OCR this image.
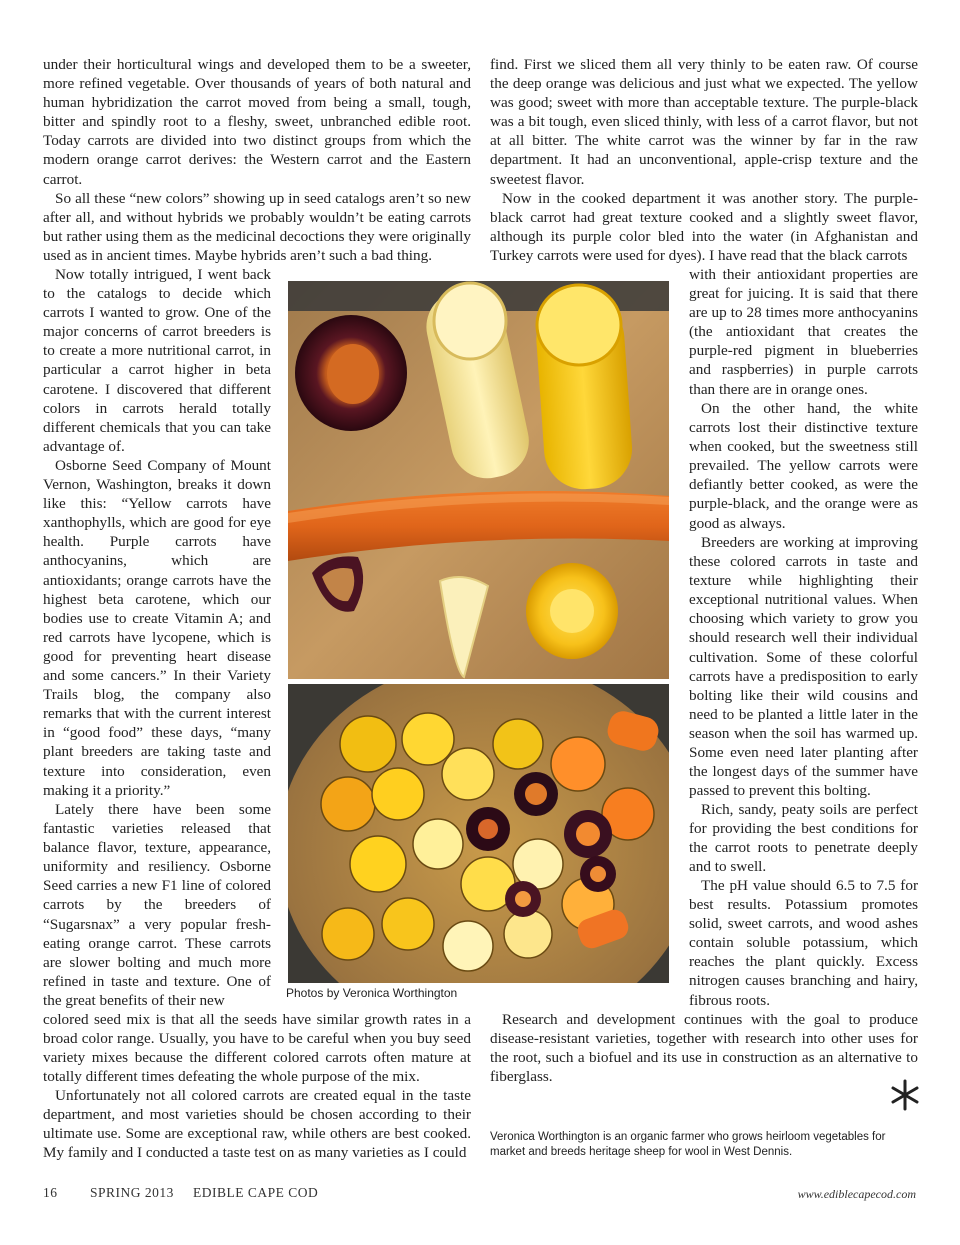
under their horticultural wings and developed them to be a sweeter, more refined vegetable. Over thousands of years of both natural and human hybridization the carrot moved from being a small, tough, bitter and spindly root to a fleshy, sweet, unbranched edible root. Today carrots are divided into two distinct groups from which the modern orange carrot derives: the Western carrot and the Eastern carrot.

So all these “new colors” showing up in seed catalogs aren’t so new after all, and without hybrids we probably wouldn’t be eating carrots but rather using them as the medicinal decoctions they were originally used as in ancient times. Maybe hybrids aren’t such a bad thing.

Now totally intrigued, I went back to the catalogs to decide which carrots I wanted to grow. One of the major concerns of carrot breeders is to create a more nutritional carrot, in particular a carrot higher in beta carotene. I discovered that different colors in carrots herald totally different chemicals that you can take advantage of.

Osborne Seed Company of Mount Vernon, Washington, breaks it down like this: “Yellow carrots have xanthophylls, which are good for eye health. Purple carrots have anthocyanins, which are antioxidants; orange carrots have the highest beta carotene, which our bodies use to create Vitamin A; and red carrots have lycopene, which is good for preventing heart disease and some cancers.” In their Variety Trails blog, the company also remarks that with the current interest in “good food” these days, “many plant breeders are taking taste and texture into consideration, even making it a priority.”

Lately there have been some fantastic varieties released that balance flavor, texture, appearance, uniformity and resiliency. Osborne Seed carries a new F1 line of colored carrots by the breeders of “Sugarsnax” a very popular fresh-eating orange carrot. These carrots are slower bolting and much more refined in taste and texture. One of the great benefits of their new

colored seed mix is that all the seeds have similar growth rates in a broad color range. Usually, you have to be careful when you buy seed variety mixes because the different colored carrots often mature at totally different times defeating the whole purpose of the mix.

Unfortunately not all colored carrots are created equal in the taste department, and most varieties should be chosen according to their ultimate use. Some are exceptional raw, while others are best cooked. My family and I conducted a taste test on as many varieties as I could

find. First we sliced them all very thinly to be eaten raw. Of course the deep orange was delicious and just what we expected. The yellow was good; sweet with more than acceptable texture. The purple-black was a bit tough, even sliced thinly, with less of a carrot flavor, but not at all bitter. The white carrot was the winner by far in the raw department. It had an unconventional, apple-crisp texture and the sweetest flavor.

Now in the cooked department it was another story. The purple-black carrot had great texture cooked and a slightly sweet flavor, although its purple color bled into the water (in Afghanistan and Turkey carrots were used for dyes). I have read that the black carrots

with their antioxidant properties are great for juicing. It is said that there are up to 28 times more anthocyanins (the antioxidant that creates the purple-red pigment in blueberries and raspberries) in purple carrots than there are in orange ones.

On the other hand, the white carrots lost their distinctive texture when cooked, but the sweetness still prevailed. The yellow carrots were defiantly better cooked, as were the purple-black, and the orange were as good as always.

Breeders are working at improving these colored carrots in taste and texture while highlighting their exceptional nutritional values. When choosing which variety to grow you should research well their individual cultivation. Some of these colorful carrots have a predisposition to early bolting like their wild cousins and need to be planted a little later in the season when the soil has warmed up. Some even need later planting after the longest days of the summer have passed to prevent this bolting.

Rich, sandy, peaty soils are perfect for providing the best conditions for the carrot roots to penetrate deeply and to swell.

The pH value should 6.5 to 7.5 for best results. Potassium promotes solid, sweet carrots, and wood ashes contain soluble potassium, which reaches the plant quickly. Excess nitrogen causes branching and hairy, fibrous roots.

Research and development continues with the goal to produce disease-resistant varieties, together with research into other uses for the root, such a biofuel and its use in construction as an alternative to fiberglass.

Photos by Veronica Worthington
Veronica Worthington is an organic farmer who grows heirloom vegetables for market and breeds heritage sheep for wool in West Dennis.
16 SPRING 2013 EDIBLE CAPE COD	www.ediblecapecod.com
